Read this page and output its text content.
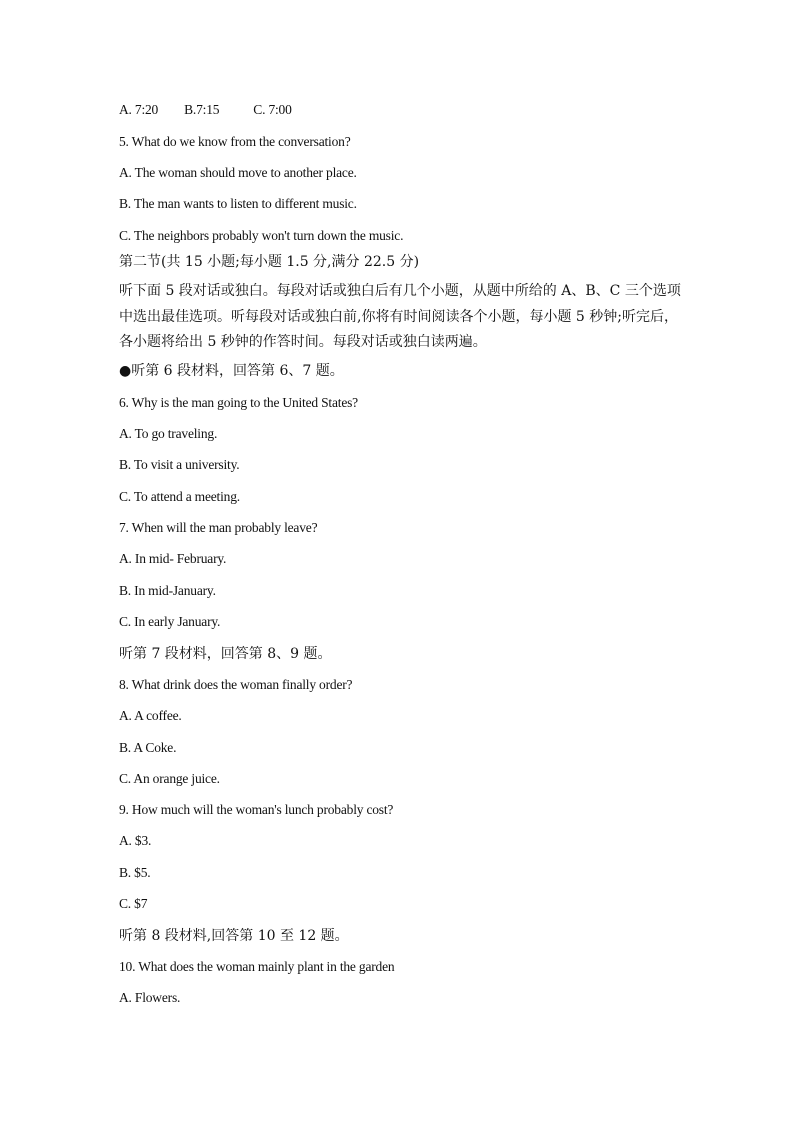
A. 7:20 B.7:15	C. 7:00
5. What do we know from the conversation?
A. The woman should move to another place.
B. The man wants to listen to different music.
C. The neighbors probably won't turn down the music.
第二节(共 15 小题;每小题 1.5 分,满分 22.5 分)
听下面 5 段对话或独白。每段对话或独白后有几个小题，从题中所给的 A、B、C 三个选项
中选出最佳选项。听每段对话或独白前,你将有时间阅读各个小题，每小题 5 秒钟;听完后，
各小题将给出 5 秒钟的作答时间。每段对话或独白读两遍。
●听第 6 段材料，回答第 6、7 题。
6. Why is the man going to the United States?
A. To go traveling.
B. To visit a university.
C. To attend a meeting.
7. When will the man probably leave?
A. In mid- February.
B. In mid-January.
C. In early January.
听第 7 段材料，回答第 8、9 题。
8. What drink does the woman finally order?
A. A coffee.
B. A Coke.
C. An orange juice.
9. How much will the woman's lunch probably cost?
A. $3.
B. $5.
C. $7
听第 8 段材料,回答第 10 至 12 题。
10. What does the woman mainly plant in the garden
A. Flowers.
